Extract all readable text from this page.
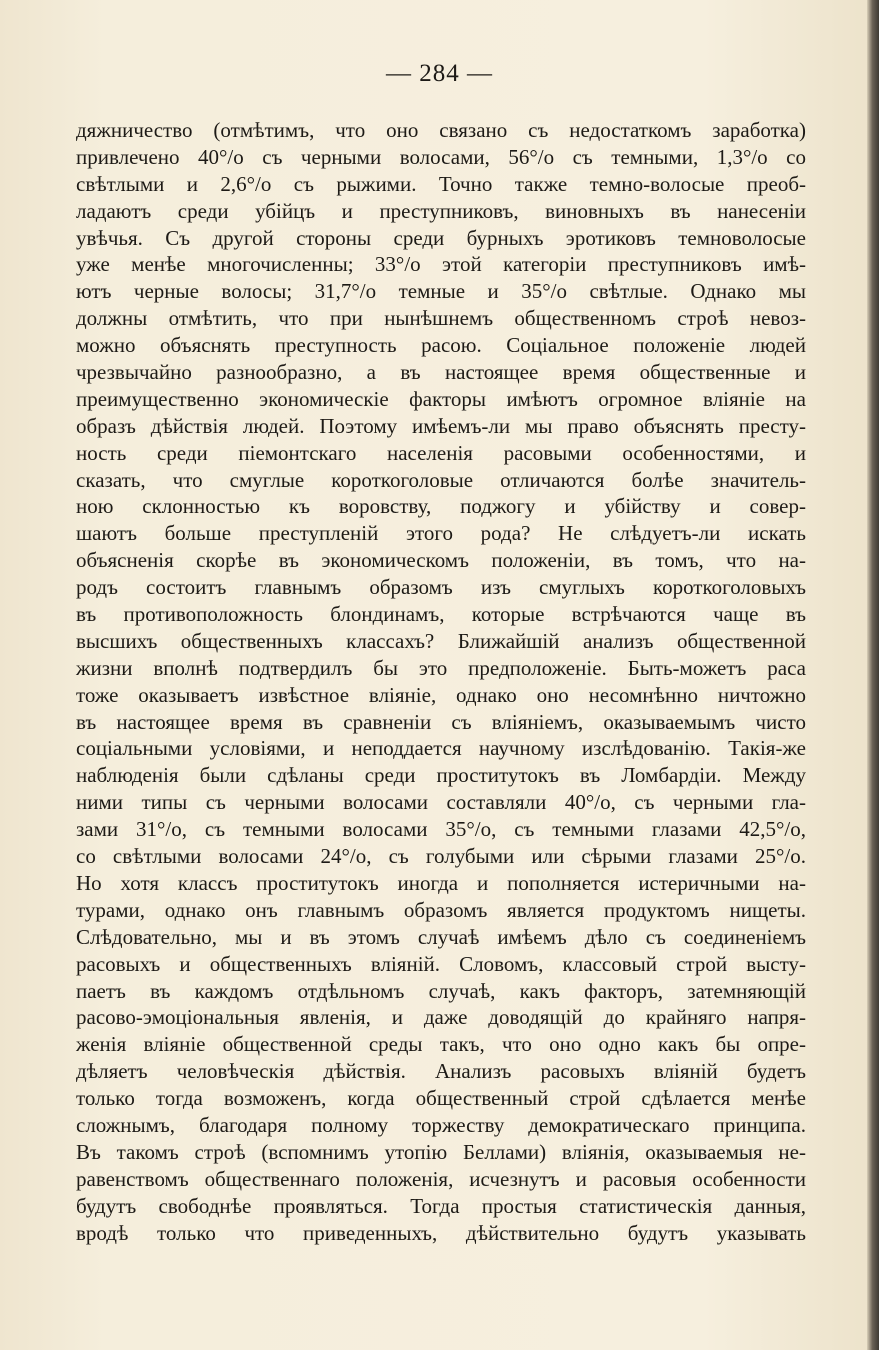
— 284 —
дяжничество (отмѣтимъ, что оно связано съ недостаткомъ заработка)
привлечено 40°/о съ черными волосами, 56°/о съ темными, 1,3°/о со
свѣтлыми и 2,6°/о съ рыжими. Точно также темно-волосые преоб-
ладаютъ среди убійцъ и преступниковъ, виновныхъ въ нанесеніи
увѣчья. Съ другой стороны среди бурныхъ эротиковъ темноволосые
уже менѣе многочисленны; 33°/о этой категоріи преступниковъ имѣ-
ютъ черные волосы; 31,7°/о темные и 35°/о свѣтлые. Однако мы
должны отмѣтить, что при нынѣшнемъ общественномъ строѣ невоз-
можно объяснять преступность расою. Соціальное положеніе людей
чрезвычайно разнообразно, а въ настоящее время общественные и
преимущественно экономическіе факторы имѣютъ огромное вліяніе на
образъ дѣйствія людей. Поэтому имѣемъ-ли мы право объяснять престу-
ность среди піемонтскаго населенія расовыми особенностями, и
сказать, что смуглые короткоголовые отличаются болѣе значитель-
ною склонностью къ воровству, поджогу и убійству и совер-
шаютъ больше преступленій этого рода? Не слѣдуетъ-ли искать
объясненія скорѣе въ экономическомъ положеніи, въ томъ, что на-
родъ состоитъ главнымъ образомъ изъ смуглыхъ короткоголовыхъ
въ противоположность блондинамъ, которые встрѣчаются чаще въ
высшихъ общественныхъ классахъ? Ближайшій анализъ общественной
жизни вполнѣ подтвердилъ бы это предположеніе. Быть-можетъ раса
тоже оказываетъ извѣстное вліяніе, однако оно несомнѣнно ничтожно
въ настоящее время въ сравненіи съ вліяніемъ, оказываемымъ чисто
соціальными условіями, и неподдается научному изслѣдованію. Такія-же
наблюденія были сдѣланы среди проститутокъ въ Ломбардіи. Между
ними типы съ черными волосами составляли 40°/о, съ черными гла-
зами 31°/о, съ темными волосами 35°/о, съ темными глазами 42,5°/о,
со свѣтлыми волосами 24°/о, съ голубыми или сѣрыми глазами 25°/о.
Но хотя классъ проститутокъ иногда и пополняется истеричными на-
турами, однако онъ главнымъ образомъ является продуктомъ нищеты.
Слѣдовательно, мы и въ этомъ случаѣ имѣемъ дѣло съ соединеніемъ
расовыхъ и общественныхъ вліяній. Словомъ, классовый строй высту-
паетъ въ каждомъ отдѣльномъ случаѣ, какъ факторъ, затемняющій
расово-эмоціональныя явленія, и даже доводящій до крайняго напря-
женія вліяніе общественной среды такъ, что оно одно какъ бы опре-
дѣляетъ человѣческія дѣйствія. Анализъ расовыхъ вліяній будетъ
только тогда возможенъ, когда общественный строй сдѣлается менѣе
сложнымъ, благодаря полному торжеству демократическаго принципа.
Въ такомъ строѣ (вспомнимъ утопію Беллами) вліянія, оказываемыя не-
равенствомъ общественнаго положенія, исчезнутъ и расовыя особенности
будутъ свободнѣе проявляться. Тогда простыя статистическія данныя,
вродѣ только что приведенныхъ, дѣйствительно будутъ указывать
